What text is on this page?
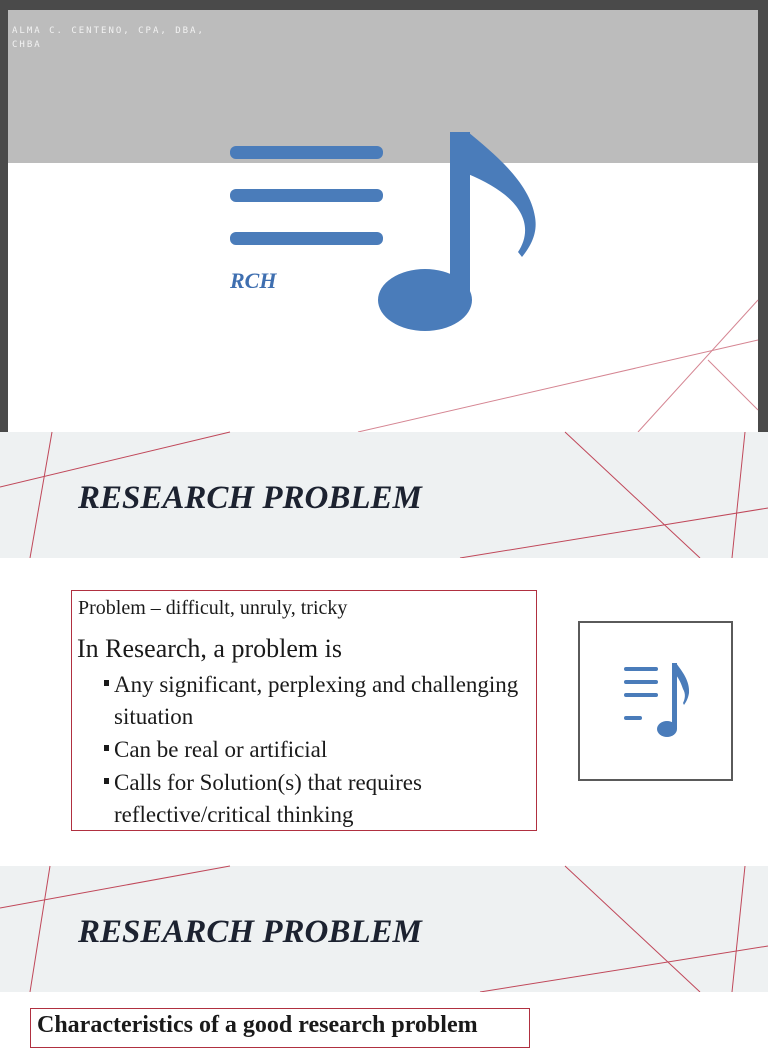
ALMA C. CENTENO, CPA, DBA, CHBA
RCH
RESEARCH PROBLEM
Problem – difficult, unruly, tricky
In Research, a problem is
Any significant, perplexing and challenging situation
Can be real or artificial
Calls for Solution(s) that requires reflective/critical thinking
RESEARCH PROBLEM
Characteristics of a good research problem
